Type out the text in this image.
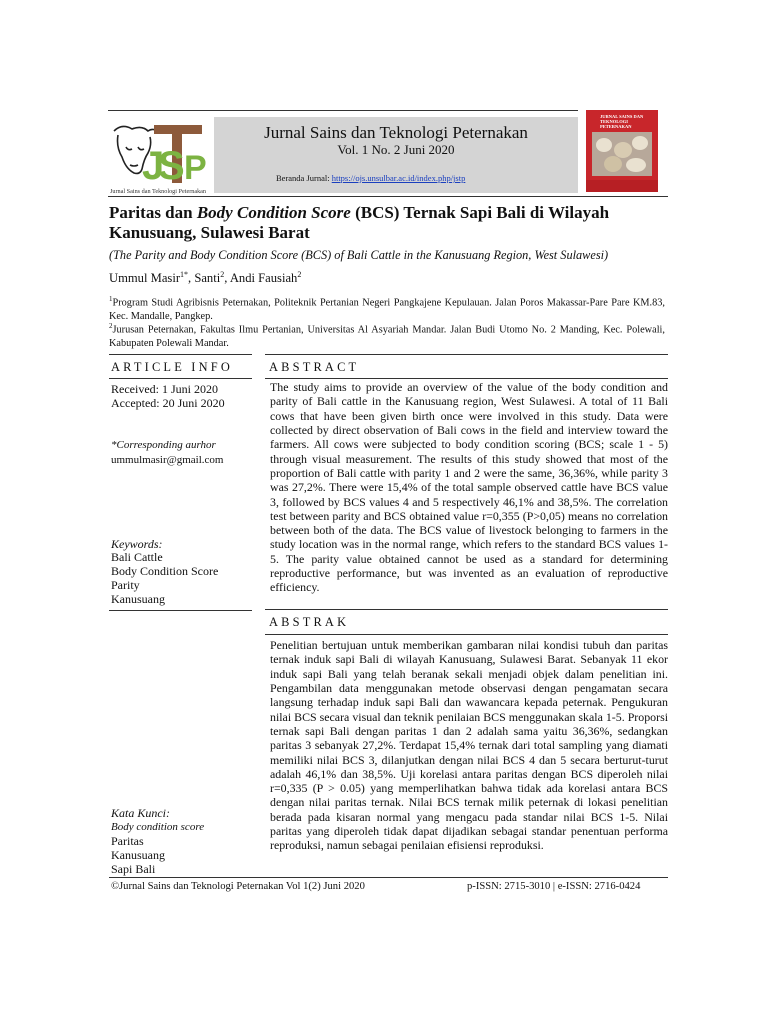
J
S P
Jurnal Sains dan Teknologi Peternakan
Jurnal Sains dan Teknologi Peternakan
Vol. 1 No. 2 Juni 2020
Beranda Jurnal: https://ojs.unsulbar.ac.id/index.php/jstp
JURNAL SAINS DAN TEKNOLOGI PETERNAKAN
Paritas dan Body Condition Score (BCS) Ternak Sapi Bali di Wilayah Kanusuang, Sulawesi Barat
(The Parity and Body Condition Score (BCS) of Bali Cattle in the Kanusuang Region, West Sulawesi)
Ummul Masir$^{1*}$, Santi$^2$, Andi Fausiah$^2$
$^1$Program Studi Agribisnis Peternakan, Politeknik Pertanian Negeri Pangkajene Kepulauan. Jalan Poros Makassar-Pare Pare KM.83, Kec. Mandalle, Pangkep.
$^2$Jurusan Peternakan, Fakultas Ilmu Pertanian, Universitas Al Asyariah Mandar. Jalan Budi Utomo No. 2 Manding, Kec. Polewali, Kabupaten Polewali Mandar.
ARTICLE INFO
Received: 1 Juni 2020
Accepted: 20 Juni 2020
*Corresponding aurhor
ummulmasir@gmail.com
Keywords:
Bali Cattle
Body Condition Score
Parity
Kanusuang
ABSTRACT
The study aims to provide an overview of the value of the body condition and parity of Bali cattle in the Kanusuang region, West Sulawesi. A total of 11 Bali cows that have been given birth once were involved in this study. Data were collected by direct observation of Bali cows in the field and interview toward the farmers. All cows were subjected to body condition scoring (BCS; scale 1 - 5) through visual measurement. The results of this study showed that most of the proportion of Bali cattle with parity 1 and 2 were the same, 36,36%, while parity 3 was 27,2%. There were 15,4% of the total sample observed cattle have BCS value 3, followed by BCS values 4 and 5 respectively 46,1% and 38,5%. The correlation test between parity and BCS obtained value r=0,355 (P>0,05) means no correlation between both of the data. The BCS value of livestock belonging to farmers in the study location was in the normal range, which refers to the standard BCS values 1-5. The parity value obtained cannot be used as a standard for determining reproductive performance, but was invented as an evaluation of reproductive efficiency.
ABSTRAK
Penelitian bertujuan untuk memberikan gambaran nilai kondisi tubuh dan paritas ternak induk sapi Bali di wilayah Kanusuang, Sulawesi Barat. Sebanyak 11 ekor induk sapi Bali yang telah beranak sekali menjadi objek dalam penelitian ini. Pengambilan data menggunakan metode observasi dengan pengamatan secara langsung terhadap induk sapi Bali dan wawancara kepada peternak. Pengukuran nilai BCS secara visual dan teknik penilaian BCS menggunakan skala 1-5. Proporsi ternak sapi Bali dengan paritas 1 dan 2 adalah sama yaitu 36,36%, sedangkan paritas 3 sebanyak 27,2%. Terdapat 15,4% ternak dari total sampling yang diamati memiliki nilai BCS 3, dilanjutkan dengan nilai BCS 4 dan 5 secara berturut-turut adalah 46,1% dan 38,5%. Uji korelasi antara paritas dengan BCS diperoleh nilai r=0,335 (P > 0.05) yang memperlihatkan bahwa tidak ada korelasi antara BCS dengan nilai paritas ternak. Nilai BCS ternak milik peternak di lokasi penelitian berada pada kisaran normal yang mengacu pada standar nilai BCS 1-5. Nilai paritas yang diperoleh tidak dapat dijadikan sebagai standar penentuan performa reproduksi, namun sebagai penilaian efisiensi reproduksi.
Kata Kunci:
Body condition score
Paritas
Kanusuang
Sapi Bali
©Jurnal Sains dan Teknologi Peternakan Vol 1(2) Juni 2020	p-ISSN: 2715-3010 | e-ISSN: 2716-0424
